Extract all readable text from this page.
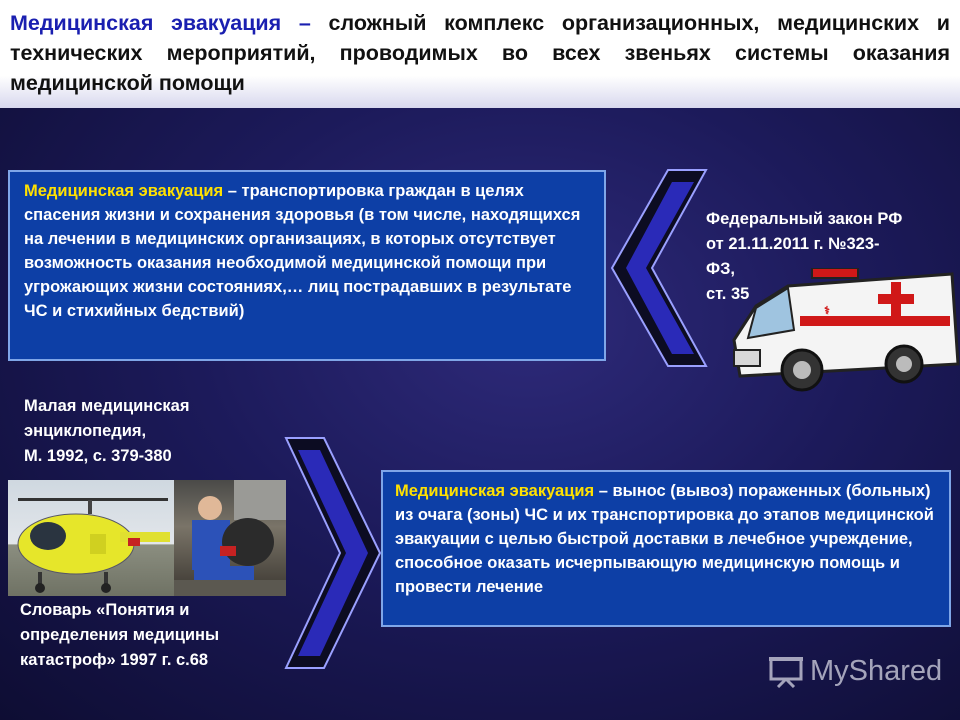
Медицинская эвакуация – сложный комплекс организационных, медицинских и технических мероприятий, проводимых во всех звеньях системы оказания медицинской помощи
Медицинская эвакуация – транспортировка граждан в целях спасения жизни и сохранения здоровья (в том числе, находящихся на лечении в медицинских организациях, в которых отсутствует возможность оказания необходимой медицинской помощи при угрожающих жизни состояниях,… лиц пострадавших в результате ЧС и стихийных бедствий)
Федеральный закон РФ
от 21.11.2011 г. №323-
ФЗ,
ст. 35
⚕
Малая медицинская
энциклопедия,
М. 1992, с. 379-380
Медицинская эвакуация – вынос (вывоз) пораженных (больных) из очага (зоны) ЧС и их транспортировка до этапов медицинской эвакуации с целью быстрой доставки в лечебное учреждение, способное оказать исчерпывающую медицинскую помощь и провести лечение
Словарь «Понятия и
определения медицины
катастроф» 1997 г. с.68	MyShared
